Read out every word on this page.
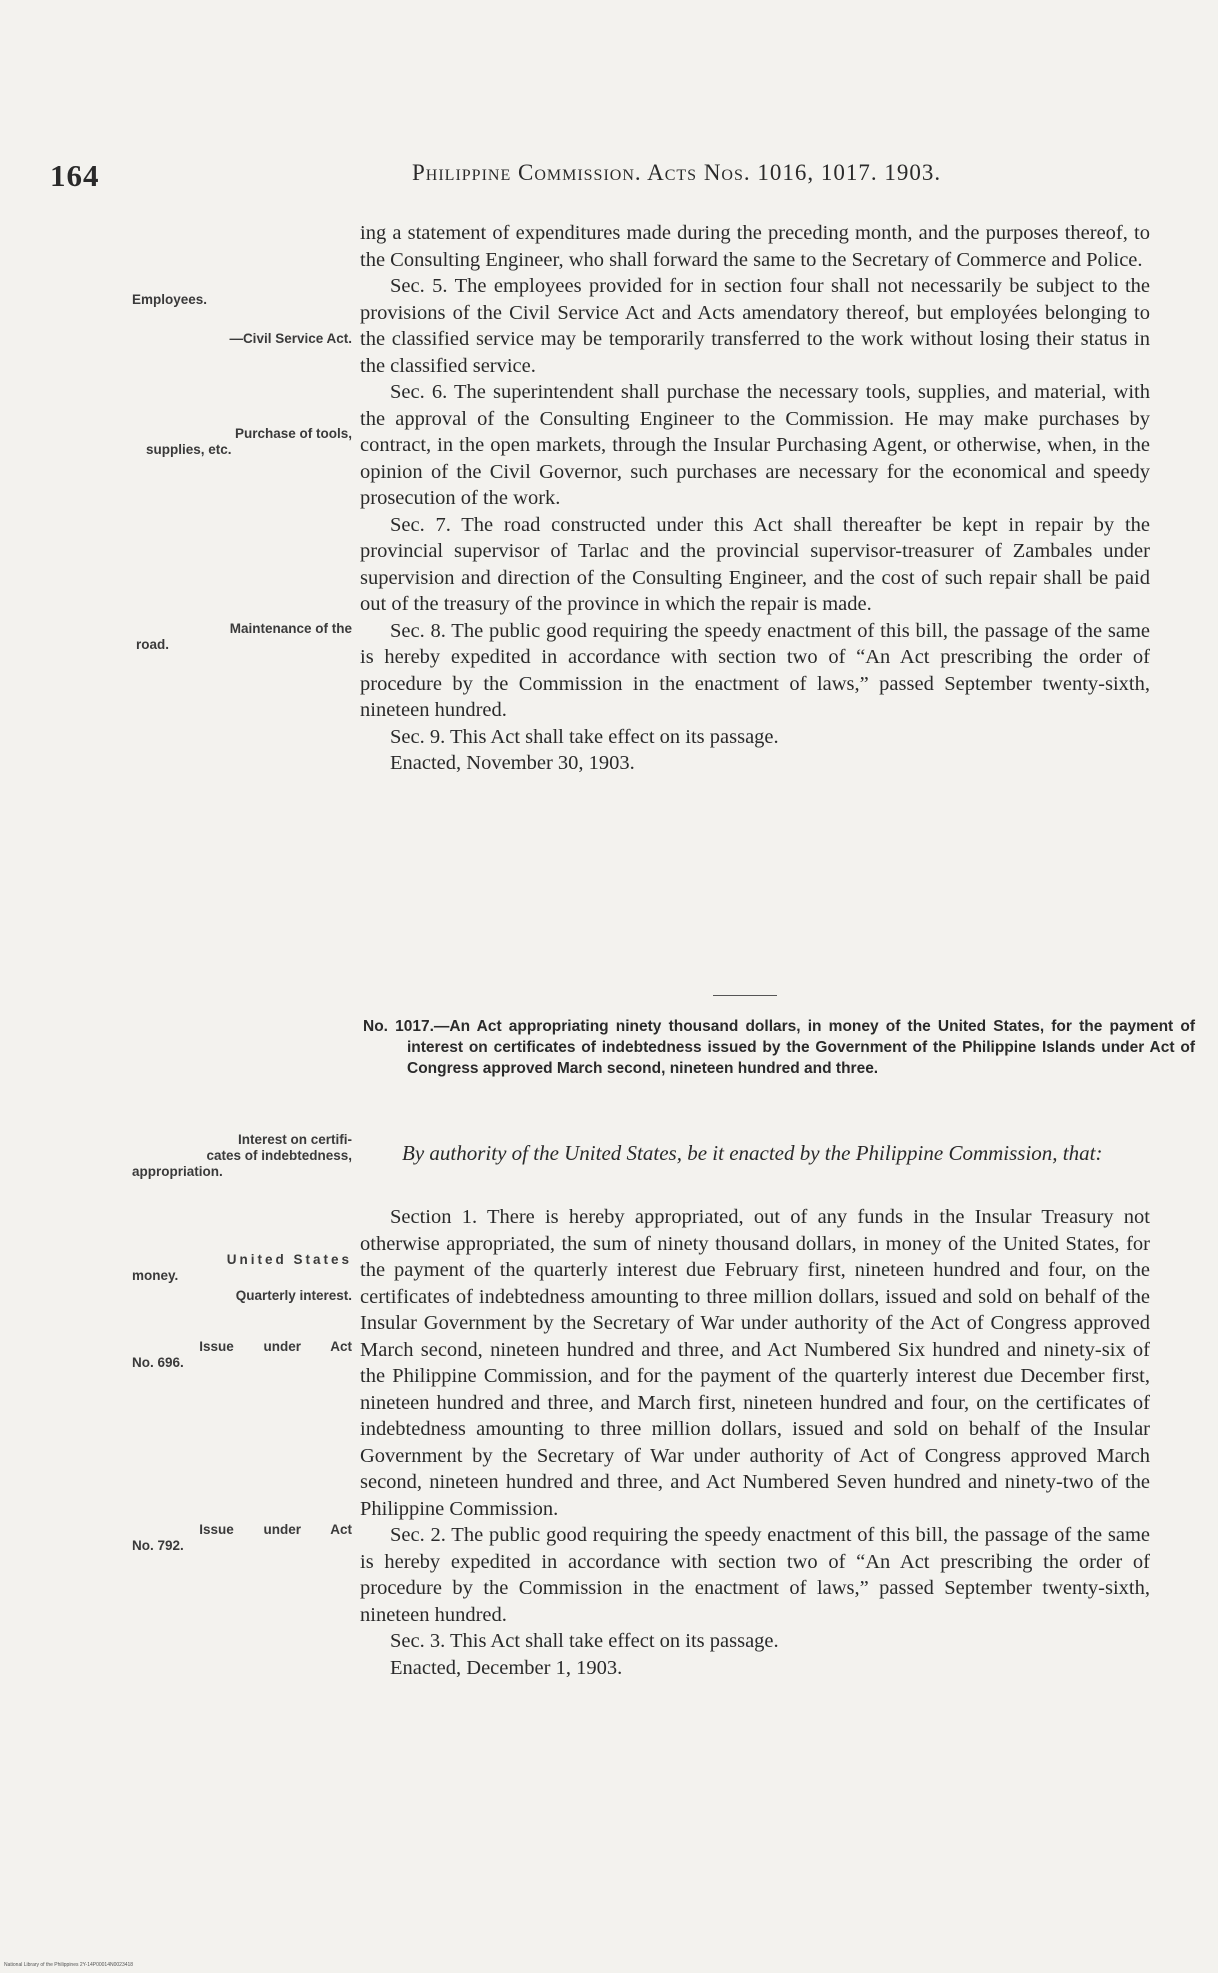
164	Philippine Commission. Acts Nos. 1016, 1017. 1903.
Employees.
—Civil Service Act.
Purchase of tools,
supplies, etc.
Maintenance of the
road.
Interest on certifi-
cates of indebtedness,
appropriation.
United States
money.
Quarterly interest.
Issue under Act
No. 696.
Issue under Act
No. 792.

ing a statement of expenditures made during the preceding month, and the purposes thereof, to the Consulting Engineer, who shall forward the same to the Secretary of Commerce and Police.

Sec. 5. The employees provided for in section four shall not necessarily be subject to the provisions of the Civil Service Act and Acts amendatory thereof, but employées belonging to the classified service may be temporarily transferred to the work without losing their status in the classified service.

Sec. 6. The superintendent shall purchase the necessary tools, supplies, and material, with the approval of the Consulting Engineer to the Commission. He may make purchases by contract, in the open markets, through the Insular Purchasing Agent, or otherwise, when, in the opinion of the Civil Governor, such purchases are necessary for the economical and speedy prosecution of the work.

Sec. 7. The road constructed under this Act shall thereafter be kept in repair by the provincial supervisor of Tarlac and the provincial supervisor-treasurer of Zambales under supervision and direction of the Consulting Engineer, and the cost of such repair shall be paid out of the treasury of the province in which the repair is made.

Sec. 8. The public good requiring the speedy enactment of this bill, the passage of the same is hereby expedited in accordance with section two of “An Act prescribing the order of procedure by the Commission in the enactment of laws,” passed September twenty-sixth, nineteen hundred.

Sec. 9. This Act shall take effect on its passage.

Enacted, November 30, 1903.

No. 1017.—An Act appropriating ninety thousand dollars, in money of the United States, for the payment of interest on certificates of indebtedness issued by the Government of the Philippine Islands under Act of Congress approved March second, nineteen hundred and three.
By authority of the United States, be it enacted by the Philippine Commission, that:

Section 1. There is hereby appropriated, out of any funds in the Insular Treasury not otherwise appropriated, the sum of ninety thousand dollars, in money of the United States, for the payment of the quarterly interest due February first, nineteen hundred and four, on the certificates of indebtedness amounting to three million dollars, issued and sold on behalf of the Insular Government by the Secretary of War under authority of the Act of Congress approved March second, nineteen hundred and three, and Act Numbered Six hundred and ninety-six of the Philippine Commission, and for the payment of the quarterly interest due December first, nineteen hundred and three, and March first, nineteen hundred and four, on the certificates of indebtedness amounting to three million dollars, issued and sold on behalf of the Insular Government by the Secretary of War under authority of Act of Congress approved March second, nineteen hundred and three, and Act Numbered Seven hundred and ninety-two of the Philippine Commission.

Sec. 2. The public good requiring the speedy enactment of this bill, the passage of the same is hereby expedited in accordance with section two of “An Act prescribing the order of procedure by the Commission in the enactment of laws,” passed September twenty-sixth, nineteen hundred.

Sec. 3. This Act shall take effect on its passage.

Enacted, December 1, 1903.

National Library of the Philippines 2Y-14P00014N0023418
